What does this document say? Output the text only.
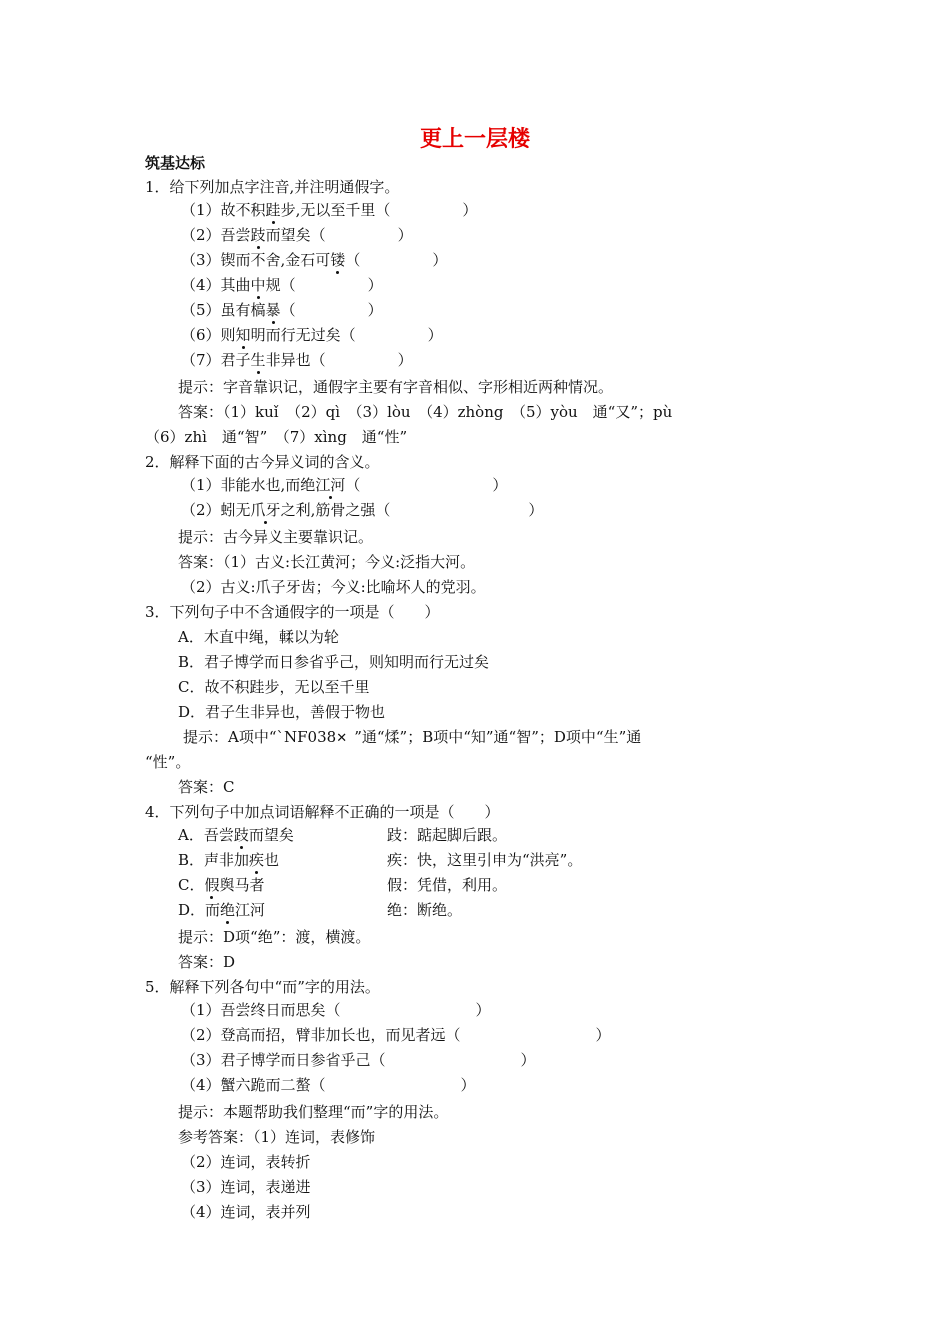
更上一层楼
筑基达标
1．给下列加点字注音,并注明通假字。
（1）故不积跬步,无以至千里（	）
（2）吾尝跂而望矣（	）
（3）锲而不舍,金石可镂（	）
（4）其曲中规（	）
（5）虽有槁暴（	）
（6）则知明而行无过矣（	）
（7）君子生非异也（	）
提示：字音靠识记，通假字主要有字音相似、字形相近两种情况。
答案：（1）kuǐ　（2）qì　（3）lòu　（4）zhòng　（5）yòu　通“又”；pù
（6）zhì　通“智”　（7）xìng　通“性”
2．解释下面的古今异义词的含义。
（1）非能水也,而绝江河（	）
（2）蚓无爪牙之利,筋骨之强（	）
提示：古今异义主要靠识记。
答案：（1）古义:长江黄河；今义:泛指大河。
（2）古义:爪子牙齿；今义:比喻坏人的党羽。
3．下列句子中不含通假字的一项是（　　）
A．木直中绳，輮以为轮
B．君子博学而日参省乎己，则知明而行无过矣
C．故不积跬步，无以至千里
D．君子生非异也，善假于物也
提示：A项中“`NF038✕ ”通“煣”；B项中“知”通“智”；D项中“生”通
“性”。
答案：C
4．下列句子中加点词语解释不正确的一项是（　　）
A．吾尝跂而望矣	跂：踮起脚后跟。
B．声非加疾也	疾：快，这里引申为“洪亮”。
C．假舆马者	假：凭借，利用。
D．而绝江河	绝：断绝。
提示：D项“绝”：渡，横渡。
答案：D
5．解释下列各句中“而”字的用法。
（1）吾尝终日而思矣（	）
（2）登高而招，臂非加长也，而见者远（	）
（3）君子博学而日参省乎己（	）
（4）蟹六跪而二螯（	）
提示：本题帮助我们整理“而”字的用法。
参考答案：（1）连词，表修饰
（2）连词，表转折
（3）连词，表递进
（4）连词，表并列
